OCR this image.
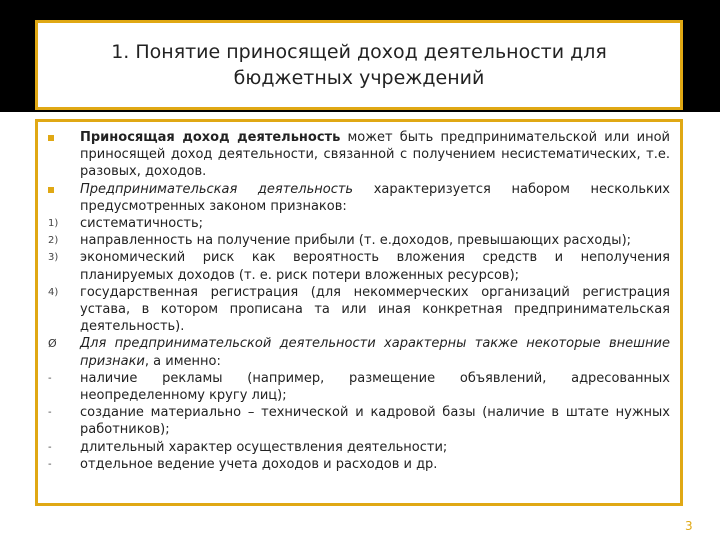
1. Понятие приносящей доход деятельности для бюджетных учреждений
Приносящая доход деятельность может быть предпринимательской или иной приносящей доход деятельности, связанной с получением несистематических, т.е. разовых, доходов.
Предпринимательская деятельность характеризуется набором нескольких предусмотренных законом признаков:
1)	систематичность;
2)	направленность на получение прибыли (т. е.доходов, превышающих расходы);
3)	экономический риск как вероятность вложения средств и неполучения планируемых доходов (т. е. риск потери вложенных ресурсов);
4)	государственная регистрация (для некоммерческих организаций регистрация устава, в котором прописана та или иная конкретная предпринимательская деятельность).
Ø	Для предпринимательской деятельности характерны также некоторые внешние признаки, а именно:
-	наличие рекламы (например, размещение объявлений, адресованных неопределенному кругу лиц);
-	создание материально – технической и кадровой базы (наличие в штате нужных работников);
-	длительный характер осуществления деятельности;
-	отдельное ведение учета доходов и расходов и др.
3
